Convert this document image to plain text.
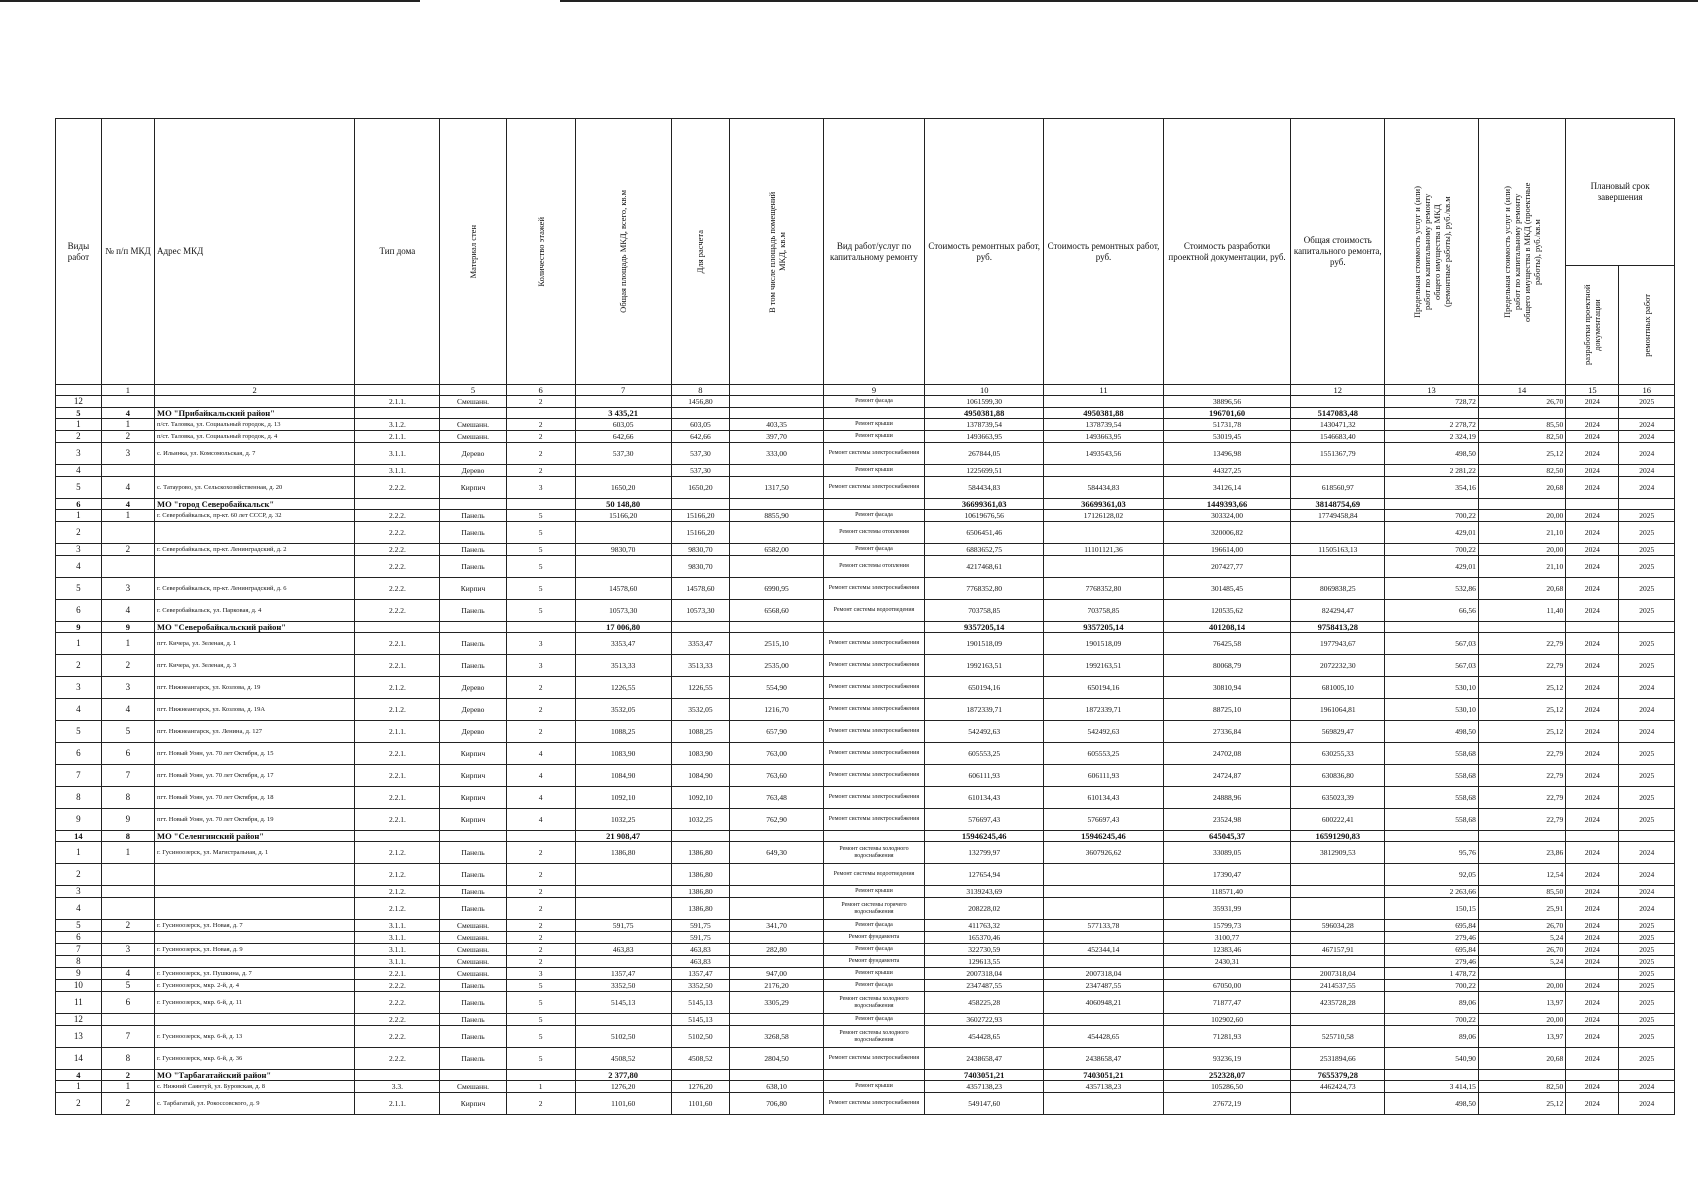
Виды работ	№ п/п МКД	Адрес МКД	Тип дома	Материал стен	Количество этажей	Общая площадь МКД, всего, кв.м	Для расчета	В том числе площадь помещений МКД, кв.м	Вид работ/услуг по капитальному ремонту	Стоимость ремонтных работ, руб.	Стоимость ремонтных работ, руб.	Стоимость разработки проектной документации, руб.	Общая стоимость капитального ремонта, руб.	Предельная стоимость услуг и (или) работ по капитальному ремонту общего имущества в МКД (ремонтные работы), руб./кв.м	Предельная стоимость услуг и (или) работ по капитальному ремонту общего имущества в МКД (проектные работы), руб./кв.м	Плановый срок завершения	

																разработки проектной документации	ремонтных работ

	1	2		5	6	7	8		9	10	11		12	13	14	15	16
12			2.1.1.	Смешанн.	2		1456,80		Ремонт фасада	1061599,30		38896,56		728,72	26,70	2024	2025
5	4	МО "Прибайкальский район"				3 435,21				4950381,88	4950381,88	196701,60	5147083,48				
1	1	п/ст. Таловка, ул. Социальный городок, д. 13	3.1.2.	Смешанн.	2	603,05	603,05	403,35	Ремонт крыши	1378739,54	1378739,54	51731,78	1430471,32	2 278,72	85,50	2024	2024
2	2	п/ст. Таловка, ул. Социальный городок, д. 4	2.1.1.	Смешанн.	2	642,66	642,66	397,70	Ремонт крыши	1493663,95	1493663,95	53019,45	1546683,40	2 324,19	82,50	2024	2024
3	3	с. Ильинка, ул. Комсомольская, д. 7	3.1.1.	Дерево	2	537,30	537,30	333,00	Ремонт системы электроснабжения	267844,05	1493543,56	13496,98	1551367,79	498,50	25,12	2024	2024
4			3.1.1.	Дерево	2		537,30		Ремонт крыши	1225699,51		44327,25		2 281,22	82,50	2024	2024
5	4	с. Татаурово, ул. Сельскохозяйственная, д. 20	2.2.2.	Кирпич	3	1650,20	1650,20	1317,50	Ремонт системы электроснабжения	584434,83	584434,83	34126,14	618560,97	354,16	20,68	2024	2024
6	4	МО "город Северобайкальск"				50 148,80				36699361,03	36699361,03	1449393,66	38148754,69				
1	1	г. Северобайкальск, пр-кт. 60 лет СССР, д. 32	2.2.2.	Панель	5	15166,20	15166,20	8855,90	Ремонт фасада	10619676,56	17126128,02	303324,00	17749458,84	700,22	20,00	2024	2025
2			2.2.2.	Панель	5		15166,20		Ремонт системы отопления	6506451,46		320006,82		429,01	21,10	2024	2025
3	2	г. Северобайкальск, пр-кт. Ленинградский, д. 2	2.2.2.	Панель	5	9830,70	9830,70	6582,00	Ремонт фасада	6883652,75	11101121,36	196614,00	11505163,13	700,22	20,00	2024	2025
4			2.2.2.	Панель	5		9830,70		Ремонт системы отопления	4217468,61		207427,77		429,01	21,10	2024	2025
5	3	г. Северобайкальск, пр-кт. Ленинградский, д. 6	2.2.2.	Кирпич	5	14578,60	14578,60	6990,95	Ремонт системы электроснабжения	7768352,80	7768352,80	301485,45	8069838,25	532,86	20,68	2024	2025
6	4	г. Северобайкальск, ул. Парковая, д. 4	2.2.2.	Панель	5	10573,30	10573,30	6568,60	Ремонт системы водоотведения	703758,85	703758,85	120535,62	824294,47	66,56	11,40	2024	2025
9	9	МО "Северобайкальский район"				17 006,80				9357205,14	9357205,14	401208,14	9758413,28				
1	1	пгт. Кичера, ул. Зеленая, д. 1	2.2.1.	Панель	3	3353,47	3353,47	2515,10	Ремонт системы электроснабжения	1901518,09	1901518,09	76425,58	1977943,67	567,03	22,79	2024	2025
2	2	пгт. Кичера, ул. Зеленая, д. 3	2.2.1.	Панель	3	3513,33	3513,33	2535,00	Ремонт системы электроснабжения	1992163,51	1992163,51	80068,79	2072232,30	567,03	22,79	2024	2025
3	3	пгт. Нижнеангарск, ул. Козлова, д. 19	2.1.2.	Дерево	2	1226,55	1226,55	554,90	Ремонт системы электроснабжения	650194,16	650194,16	30810,94	681005,10	530,10	25,12	2024	2024
4	4	пгт. Нижнеангарск, ул. Козлова, д. 19А	2.1.2.	Дерево	2	3532,05	3532,05	1216,70	Ремонт системы электроснабжения	1872339,71	1872339,71	88725,10	1961064,81	530,10	25,12	2024	2024
5	5	пгт. Нижнеангарск, ул. Ленина, д. 127	2.1.1.	Дерево	2	1088,25	1088,25	657,90	Ремонт системы электроснабжения	542492,63	542492,63	27336,84	569829,47	498,50	25,12	2024	2024
6	6	пгт. Новый Уоян, ул. 70 лет Октября, д. 15	2.2.1.	Кирпич	4	1083,90	1083,90	763,00	Ремонт системы электроснабжения	605553,25	605553,25	24702,08	630255,33	558,68	22,79	2024	2025
7	7	пгт. Новый Уоян, ул. 70 лет Октября, д. 17	2.2.1.	Кирпич	4	1084,90	1084,90	763,60	Ремонт системы электроснабжения	606111,93	606111,93	24724,87	630836,80	558,68	22,79	2024	2025
8	8	пгт. Новый Уоян, ул. 70 лет Октября, д. 18	2.2.1.	Кирпич	4	1092,10	1092,10	763,48	Ремонт системы электроснабжения	610134,43	610134,43	24888,96	635023,39	558,68	22,79	2024	2025
9	9	пгт. Новый Уоян, ул. 70 лет Октября, д. 19	2.2.1.	Кирпич	4	1032,25	1032,25	762,90	Ремонт системы электроснабжения	576697,43	576697,43	23524,98	600222,41	558,68	22,79	2024	2025
14	8	МО "Селенгинский район"				21 908,47				15946245,46	15946245,46	645045,37	16591290,83				
1	1	г. Гусиноозерск, ул. Магистральная, д. 1	2.1.2.	Панель	2	1386,80	1386,80	649,30	Ремонт системы холодного водоснабжения	132799,97	3607926,62	33089,05	3812909,53	95,76	23,86	2024	2024
2			2.1.2.	Панель	2		1386,80		Ремонт системы водоотведения	127654,94		17390,47		92,05	12,54	2024	2024
3			2.1.2.	Панель	2		1386,80		Ремонт крыши	3139243,69		118571,40		2 263,66	85,50	2024	2024
4			2.1.2.	Панель	2		1386,80		Ремонт системы горячего водоснабжения	208228,02		35931,99		150,15	25,91	2024	2024
5	2	г. Гусиноозерск, ул. Новая, д. 7	3.1.1.	Смешанн.	2	591,75	591,75	341,70	Ремонт фасада	411763,32	577133,78	15799,73	596034,28	695,84	26,70	2024	2025
6			3.1.1.	Смешанн.	2		591,75		Ремонт фундамента	165370,46		3100,77		279,46	5,24	2024	2025
7	3	г. Гусиноозерск, ул. Новая, д. 9	3.1.1.	Смешанн.	2	463,83	463,83	282,80	Ремонт фасада	322730,59	452344,14	12383,46	467157,91	695,84	26,70	2024	2025
8			3.1.1.	Смешанн.	2		463,83		Ремонт фундамента	129613,55		2430,31		279,46	5,24	2024	2025
9	4	г. Гусиноозерск, ул. Пушкина, д. 7	2.2.1.	Смешанн.	3	1357,47	1357,47	947,00	Ремонт крыши	2007318,04	2007318,04		2007318,04	1 478,72			2025
10	5	г. Гусиноозерск, мкр. 2-й, д. 4	2.2.2.	Панель	5	3352,50	3352,50	2176,20	Ремонт фасада	2347487,55	2347487,55	67050,00	2414537,55	700,22	20,00	2024	2025
11	6	г. Гусиноозерск, мкр. 6-й, д. 11	2.2.2.	Панель	5	5145,13	5145,13	3305,29	Ремонт системы холодного водоснабжения	458225,28	4060948,21	71877,47	4235728,28	89,06	13,97	2024	2025
12			2.2.2.	Панель	5		5145,13		Ремонт фасада	3602722,93		102902,60		700,22	20,00	2024	2025
13	7	г. Гусиноозерск, мкр. 6-й, д. 13	2.2.2.	Панель	5	5102,50	5102,50	3268,58	Ремонт системы холодного водоснабжения	454428,65	454428,65	71281,93	525710,58	89,06	13,97	2024	2025
14	8	г. Гусиноозерск, мкр. 6-й, д. 36	2.2.2.	Панель	5	4508,52	4508,52	2804,50	Ремонт системы электроснабжения	2438658,47	2438658,47	93236,19	2531894,66	540,90	20,68	2024	2025
4	2	МО "Тарбагатайский район"				2 377,80				7403051,21	7403051,21	252328,07	7655379,28				
1	1	с. Нижний Саянтуй, ул. Буровская, д. 8	3.3.	Смешанн.	1	1276,20	1276,20	638,10	Ремонт крыши	4357138,23	4357138,23	105286,50	4462424,73	3 414,15	82,50	2024	2024
2	2	с. Тарбагатай, ул. Рокоссовского, д. 9	2.1.1.	Кирпич	2	1101,60	1101,60	706,80	Ремонт системы электроснабжения	549147,60		27672,19		498,50	25,12	2024	2024
